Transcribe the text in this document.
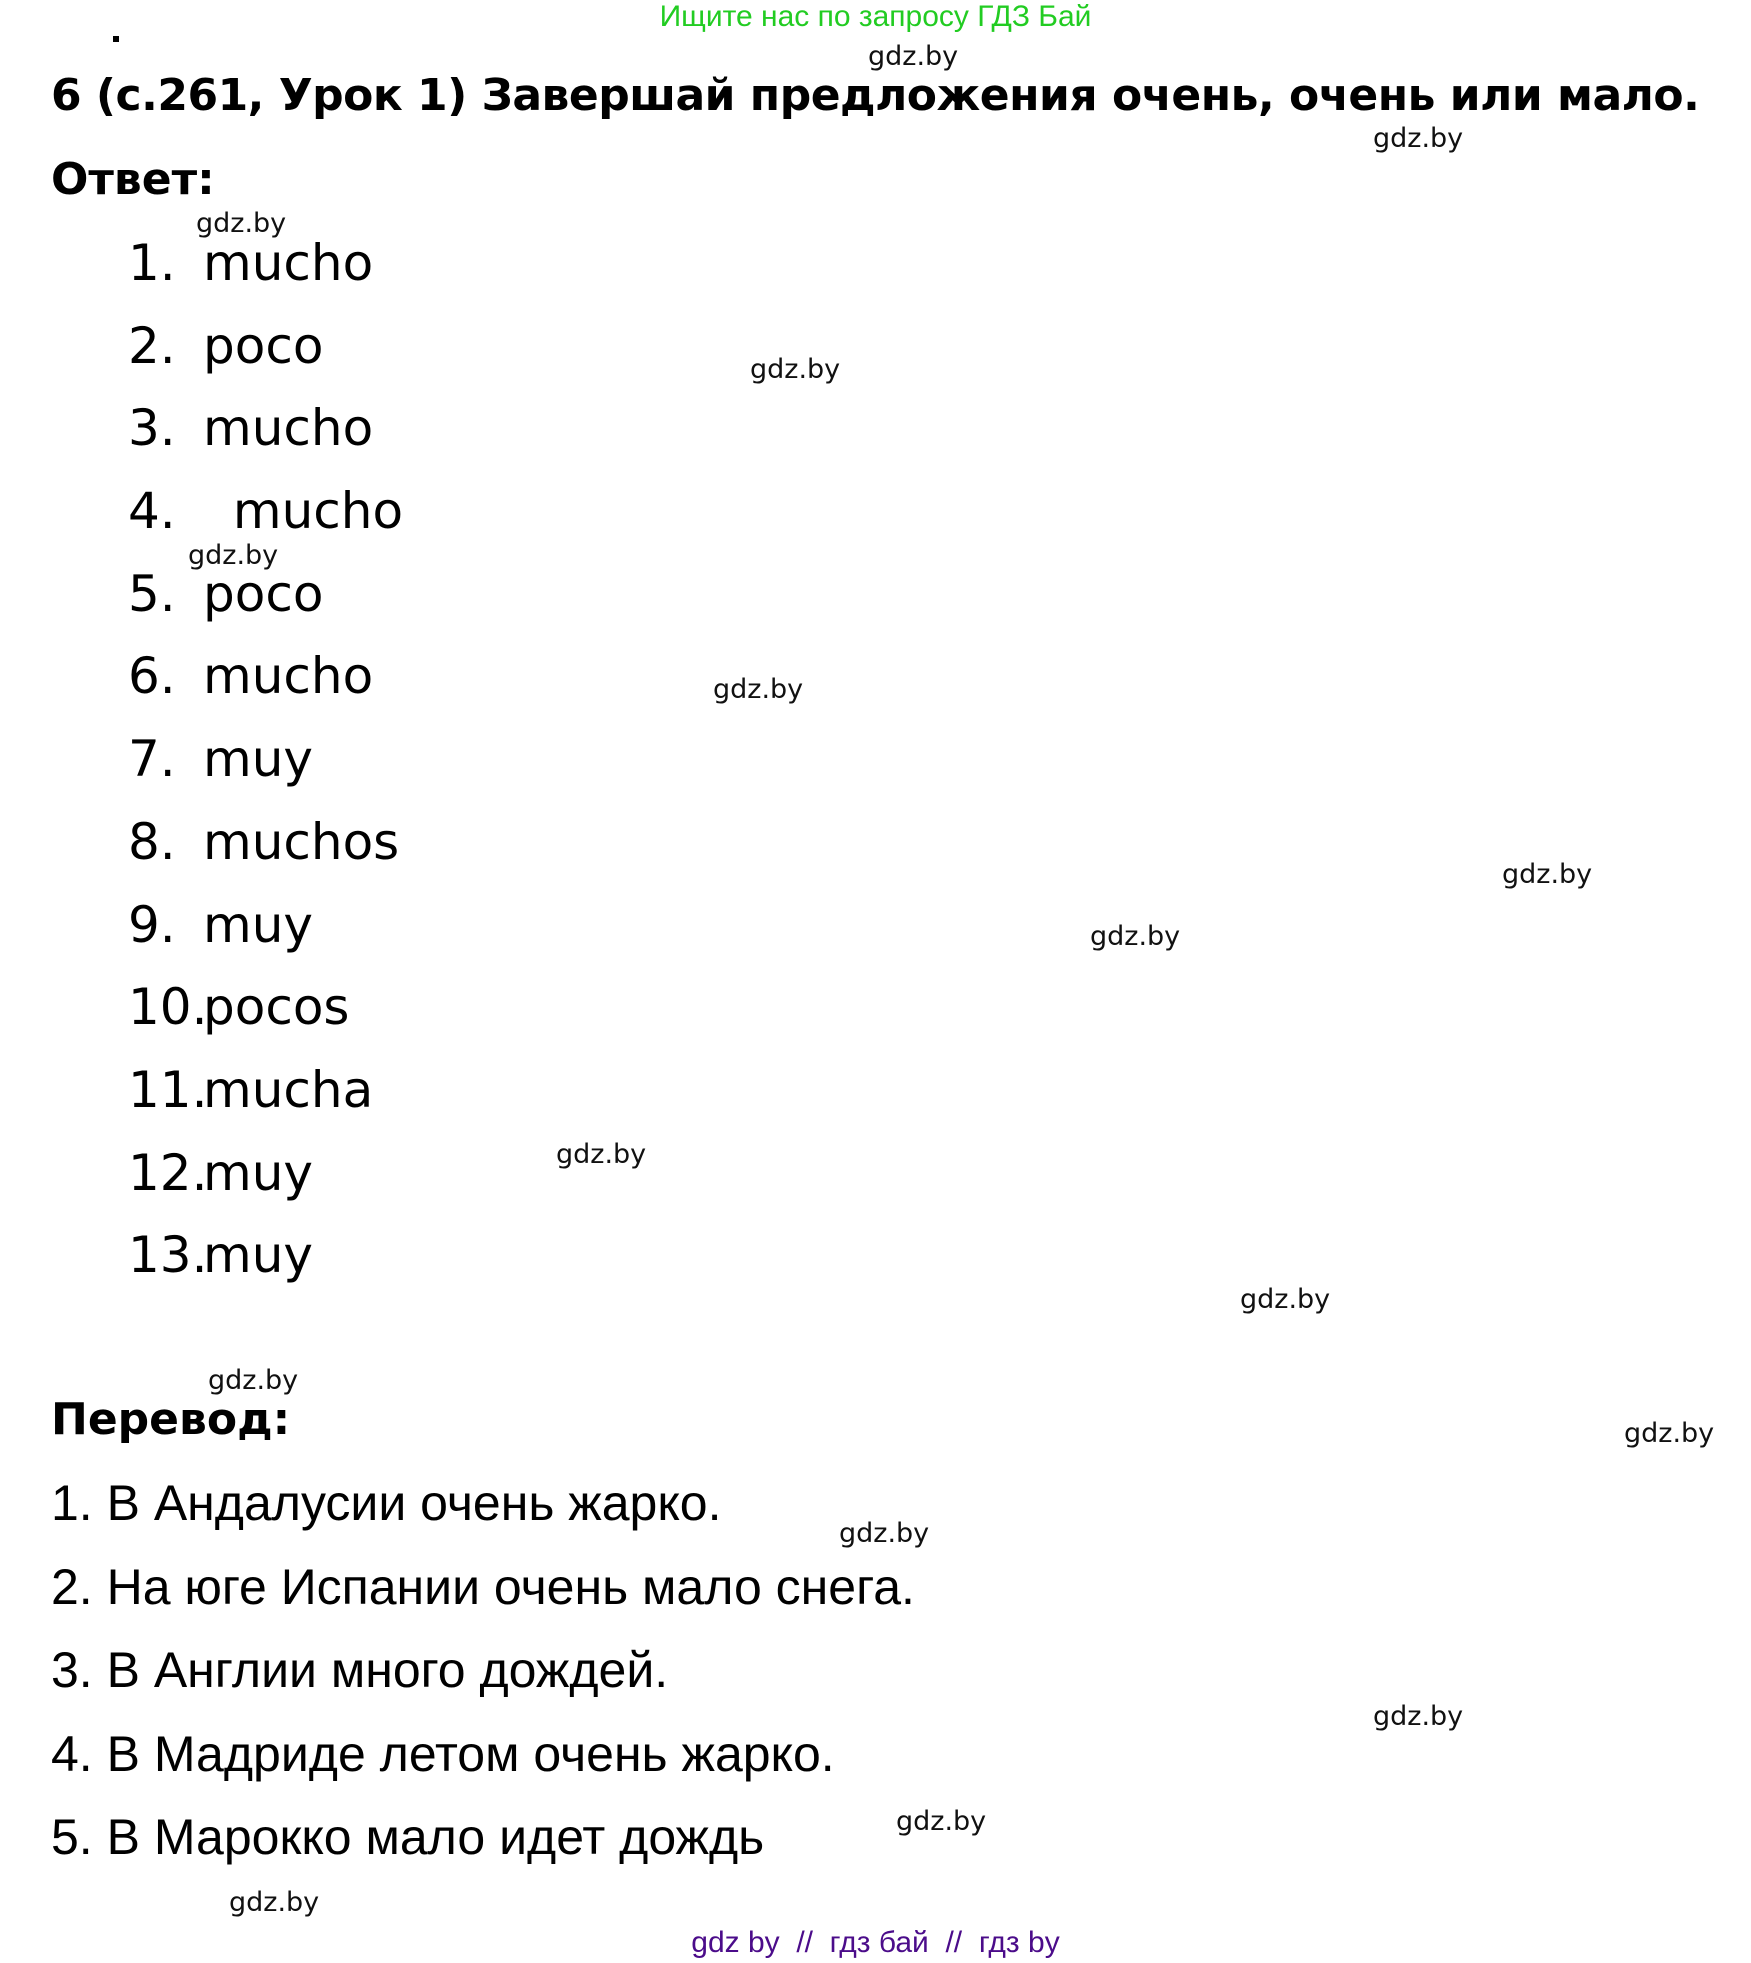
Ищите нас по запросу ГДЗ Бай
6 (с.261, Урок 1) Завершай предложения очень, очень или мало.
Ответ:
1. mucho
2. poco
3. mucho
4. mucho
5. poco
6. mucho
7. muy
8. muchos
9. muy
10.pocos
11.mucha
12.muy
13.muy
Перевод:
1. В Андалусии очень жарко.
2. На юге Испании очень мало снега.
3. В Англии много дождей.
4. В Мадриде летом очень жарко.
5. В Марокко мало идет дождь
gdz.by
gdz.by
gdz.by
gdz.by
gdz.by
gdz.by
gdz.by
gdz.by
gdz.by
gdz.by
gdz.by
gdz.by
gdz.by
gdz.by
gdz.by
gdz.by
gdz by  //  гдз бай  //  гдз by
